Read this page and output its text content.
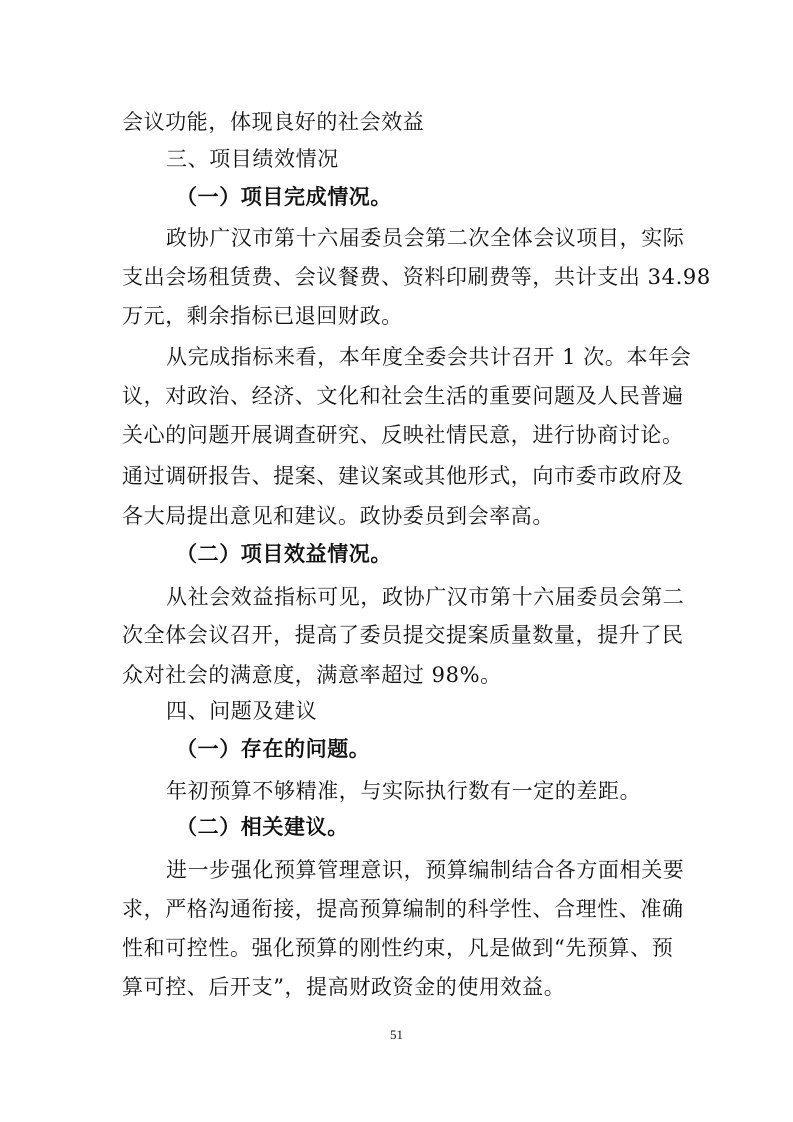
会议功能，体现良好的社会效益
三、项目绩效情况
（一）项目完成情况。
政协广汉市第十六届委员会第二次全体会议项目，实际
支出会场租赁费、会议餐费、资料印刷费等，共计支出 34.98
万元，剩余指标已退回财政。
从完成指标来看，本年度全委会共计召开 1 次。本年会
议，对政治、经济、文化和社会生活的重要问题及人民普遍
关心的问题开展调查研究、反映社情民意，进行协商讨论。
通过调研报告、提案、建议案或其他形式，向市委市政府及
各大局提出意见和建议。政协委员到会率高。
（二）项目效益情况。
从社会效益指标可见，政协广汉市第十六届委员会第二
次全体会议召开，提高了委员提交提案质量数量，提升了民
众对社会的满意度，满意率超过 98%。
四、问题及建议
（一）存在的问题。
年初预算不够精准，与实际执行数有一定的差距。
（二）相关建议。
进一步强化预算管理意识，预算编制结合各方面相关要
求，严格沟通衔接，提高预算编制的科学性、合理性、准确
性和可控性。强化预算的刚性约束，凡是做到“先预算、预
算可控、后开支”，提高财政资金的使用效益。
51
